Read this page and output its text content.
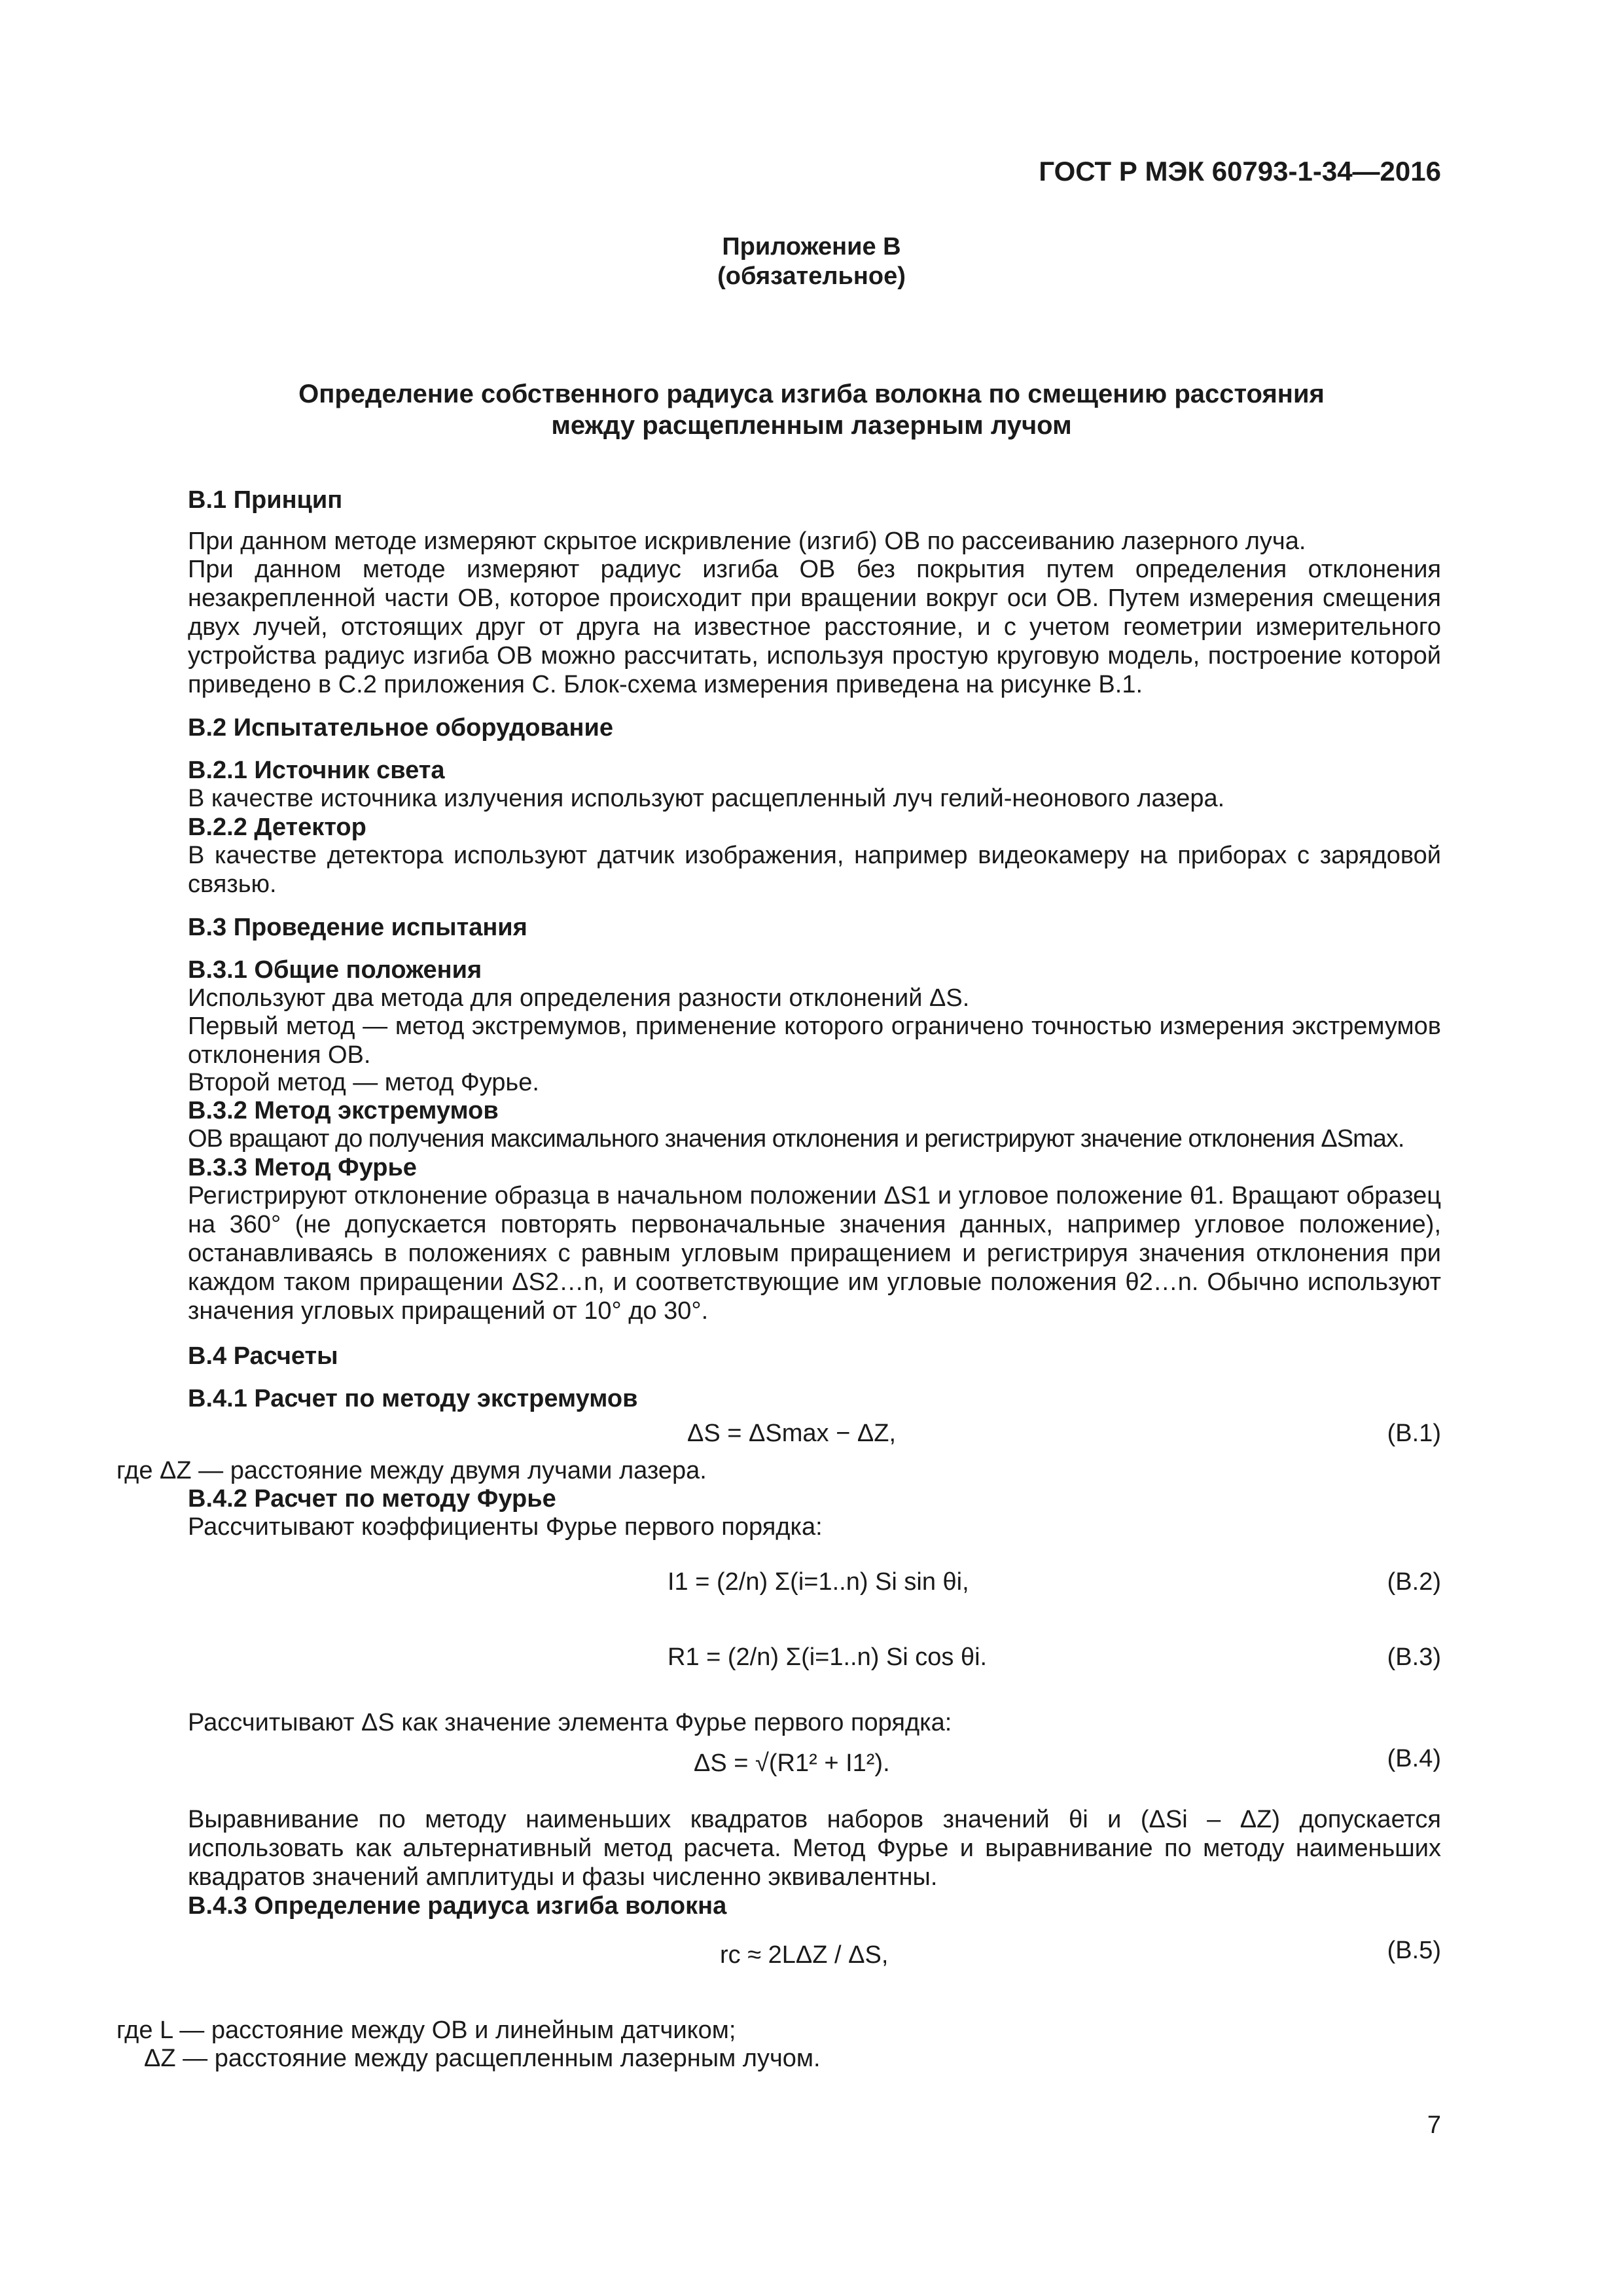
ГОСТ Р МЭК 60793-1-34—2016
Приложение В
(обязательное)
Определение собственного радиуса изгиба волокна по смещению расстояния
между расщепленным лазерным лучом
В.1 Принцип
При данном методе измеряют скрытое искривление (изгиб) ОВ по рассеиванию лазерного луча.
При данном методе измеряют радиус изгиба ОВ без покрытия путем определения отклонения незакрепленной части ОВ, которое происходит при вращении вокруг оси ОВ. Путем измерения смещения двух лучей, отстоящих друг от друга на известное расстояние, и с учетом геометрии измерительного устройства радиус изгиба ОВ можно рассчитать, используя простую круговую модель, построение которой приведено в С.2 приложения С. Блок-схема измерения приведена на рисунке В.1.
В.2 Испытательное оборудование
В.2.1 Источник света
В качестве источника излучения используют расщепленный луч гелий-неонового лазера.
В.2.2 Детектор
В качестве детектора используют датчик изображения, например видеокамеру на приборах с зарядовой связью.
В.3 Проведение испытания
В.3.1 Общие положения
Используют два метода для определения разности отклонений ΔS.
Первый метод — метод экстремумов, применение которого ограничено точностью измерения экстремумов отклонения ОВ.
Второй метод — метод Фурье.
В.3.2 Метод экстремумов
ОВ вращают до получения максимального значения отклонения и регистрируют значение отклонения ΔSmax.
В.3.3 Метод Фурье
Регистрируют отклонение образца в начальном положении ΔS1 и угловое положение θ1. Вращают образец на 360° (не допускается повторять первоначальные значения данных, например угловое положение), останавливаясь в положениях с равным угловым приращением и регистрируя значения отклонения при каждом таком приращении ΔS2…n, и соответствующие им угловые положения θ2…n. Обычно используют значения угловых приращений от 10° до 30°.
В.4 Расчеты
В.4.1 Расчет по методу экстремумов
ΔS = ΔSmax − ΔZ,	(В.1)
где ΔZ — расстояние между двумя лучами лазера.
В.4.2 Расчет по методу Фурье
Рассчитывают коэффициенты Фурье первого порядка:
I1 = (2/n) Σ(i=1..n) Si sin θi,	(В.2)
R1 = (2/n) Σ(i=1..n) Si cos θi.	(В.3)
Рассчитывают ΔS как значение элемента Фурье первого порядка:
ΔS = √(R1² + I1²).	(В.4)
Выравнивание по методу наименьших квадратов наборов значений θi и (ΔSi – ΔZ) допускается использовать как альтернативный метод расчета. Метод Фурье и выравнивание по методу наименьших квадратов значений амплитуды и фазы численно эквивалентны.
В.4.3 Определение радиуса изгиба волокна
rc ≈ 2LΔZ / ΔS,	(В.5)
где L — расстояние между ОВ и линейным датчиком;
ΔZ — расстояние между расщепленным лазерным лучом.
7
